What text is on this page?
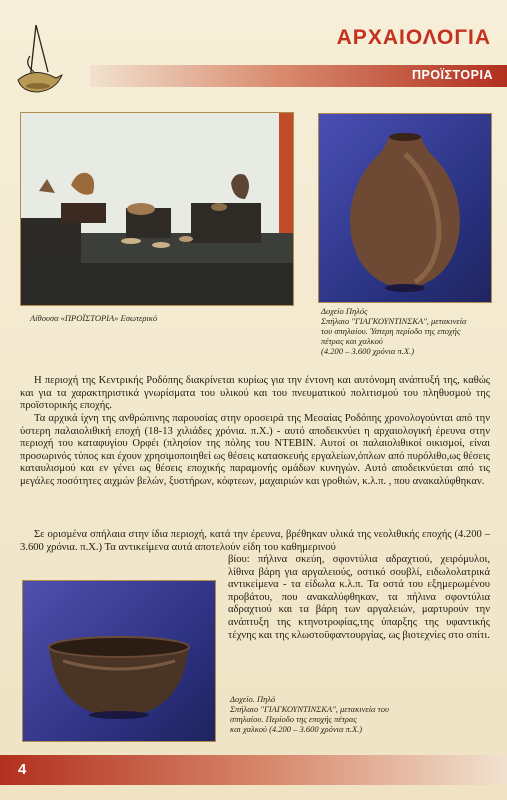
ΑΡΧΑΙΟΛΟΓΙΑ
ΠΡΟΪΣΤΟΡΙΑ
Αίθουσα «ΠΡΟΪΣΤΟΡΙΑ» Εσωτερικό
Δοχείο Πηλός
Σπήλαιο "ΓΙΑΓΚΟΥΝΤΙΝΣΚΑ", μετακινεία
του σπηλαίου. Ύστερη περίοδο της εποχής
πέτρας και χαλκού
(4.200 – 3.600 χρόνια π.Χ.)

Η περιοχή της Κεντρικής Ροδόπης διακρίνεται κυρίως για την έντονη και αυτόνομη ανάπτυξή της, καθώς και για τα χαρακτηριστικά γνωρίσματα του υλικού και του πνευματικού πολιτισμού του πληθυσμού της προϊστορικής εποχής.

Τα αρχικά ίχνη της ανθρώπινης παρουσίας στην οροσειρά της Μεσαίας Ροδόπης χρονολογούνται από την ύστερη παλαιολιθική εποχή (18-13 χιλιάδες χρόνια. π.Χ.) - αυτό αποδεικνύει η αρχαιολογική έρευνα στην περιοχή του καταφυγίου Ορφέι (πλησίον της πόλης του ΝΤΕΒΙΝ. Αυτοί οι παλαιολιθικοί οικισμοί, είναι προσωρινός τύπος και έχουν χρησιμοποιηθεί ως θέσεις κατασκευής εργαλείων,όπλων από πυρόλιθο,ως θέσεις καταυλισμού και εν γένει ως θέσεις εποχικής παραμονής ομάδων κυνηγών. Αυτό αποδεικνύεται από τις μεγάλες ποσότητες αιχμών βελών, ξυστήρων, κόφτεων, μαχαιριών και γροθιών, κ.λ.π. , που ανακαλύφθηκαν.

Σε ορισμένα σπήλαια στην ίδια περιοχή, κατά την έρευνα, βρέθηκαν υλικά της νεολιθικής εποχής (4.200 – 3.600 χρόνια. π.Χ.) Τα αντικείμενα αυτά αποτελούν είδη του καθημερινού

βίου: πήλινα σκεύη, σφοντύλια αδραχτιού, χειρόμυλοι, λίθινα βάρη για αργαλειούς, οστικό σουβλί, ειδωλολατρικά αντικείμενα - τα είδωλα κ.λ.π. Τα οστά του εξημερωμένου προβάτου, που ανακαλύφθηκαν, τα πήλινα σφοντύλια αδραχτιού και τα βάρη των αργαλειών, μαρτυρούν την ανάπτυξη της κτηνοτροφίας,της ύπαρξης της υφαντικής τέχνης και της κλωστοϋφαντουργίας, ως βιοτεχνίες στο σπίτι.
Δοχείο. Πηλό
Σπήλαιο "ΓΙΑΓΚΟΥΝΤΙΝΣΚΑ", μετακινεία του
σπηλαίου. Περίοδο της εποχής πέτρας
και χαλκού (4.200 – 3.600 χρόνια π.Χ.)
4
